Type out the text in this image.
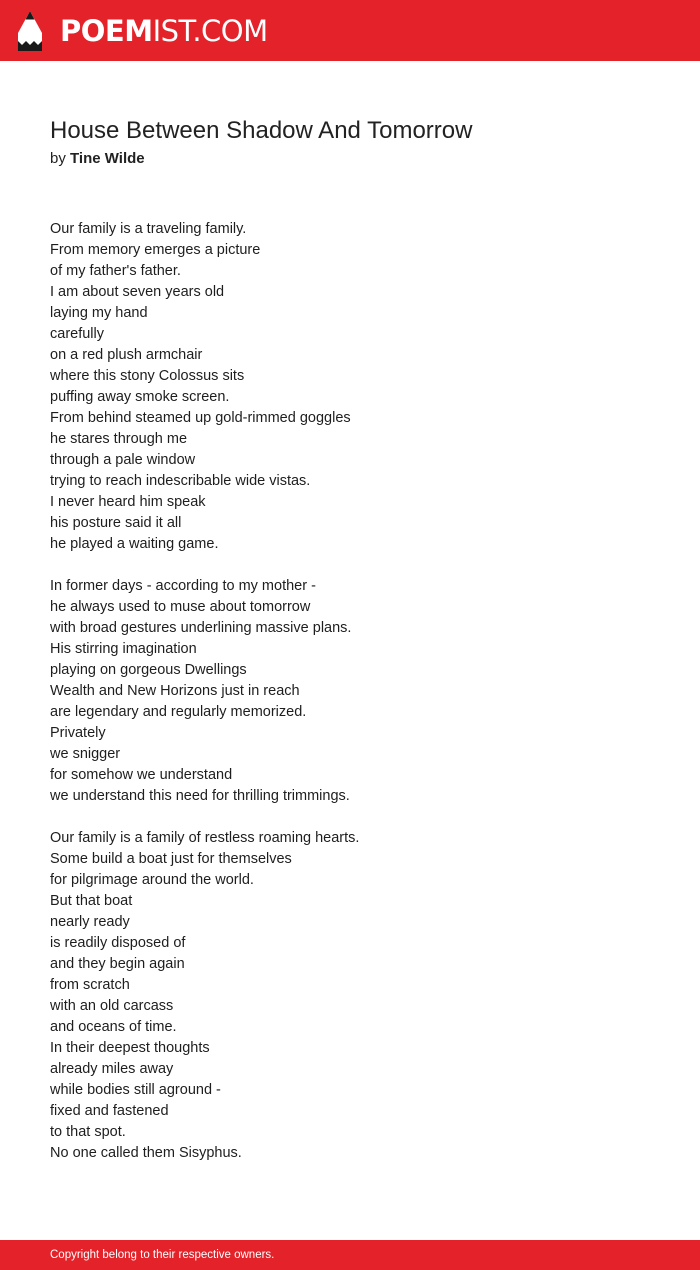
POEMIST.COM
House Between Shadow And Tomorrow
by Tine Wilde
Our family is a traveling family.
From memory emerges a picture
of my father's father.
I am about seven years old
laying my hand
carefully
on a red plush armchair
where this stony Colossus sits
puffing away smoke screen.
From behind steamed up gold-rimmed goggles
he stares through me
through a pale window
trying to reach indescribable wide vistas.
I never heard him speak
his posture said it all
he played a waiting game.
In former days - according to my mother -
he always used to muse about tomorrow
with broad gestures underlining massive plans.
His stirring imagination
playing on gorgeous Dwellings
Wealth and New Horizons just in reach
are legendary and regularly memorized.
Privately
we snigger
for somehow we understand
we understand this need for thrilling trimmings.
Our family is a family of restless roaming hearts.
Some build a boat just for themselves
for pilgrimage around the world.
But that boat
nearly ready
is readily disposed of
and they begin again
from scratch
with an old carcass
and oceans of time.
In their deepest thoughts
already miles away
while bodies still aground -
fixed and fastened
to that spot.
No one called them Sisyphus.
Copyright belong to their respective owners.
